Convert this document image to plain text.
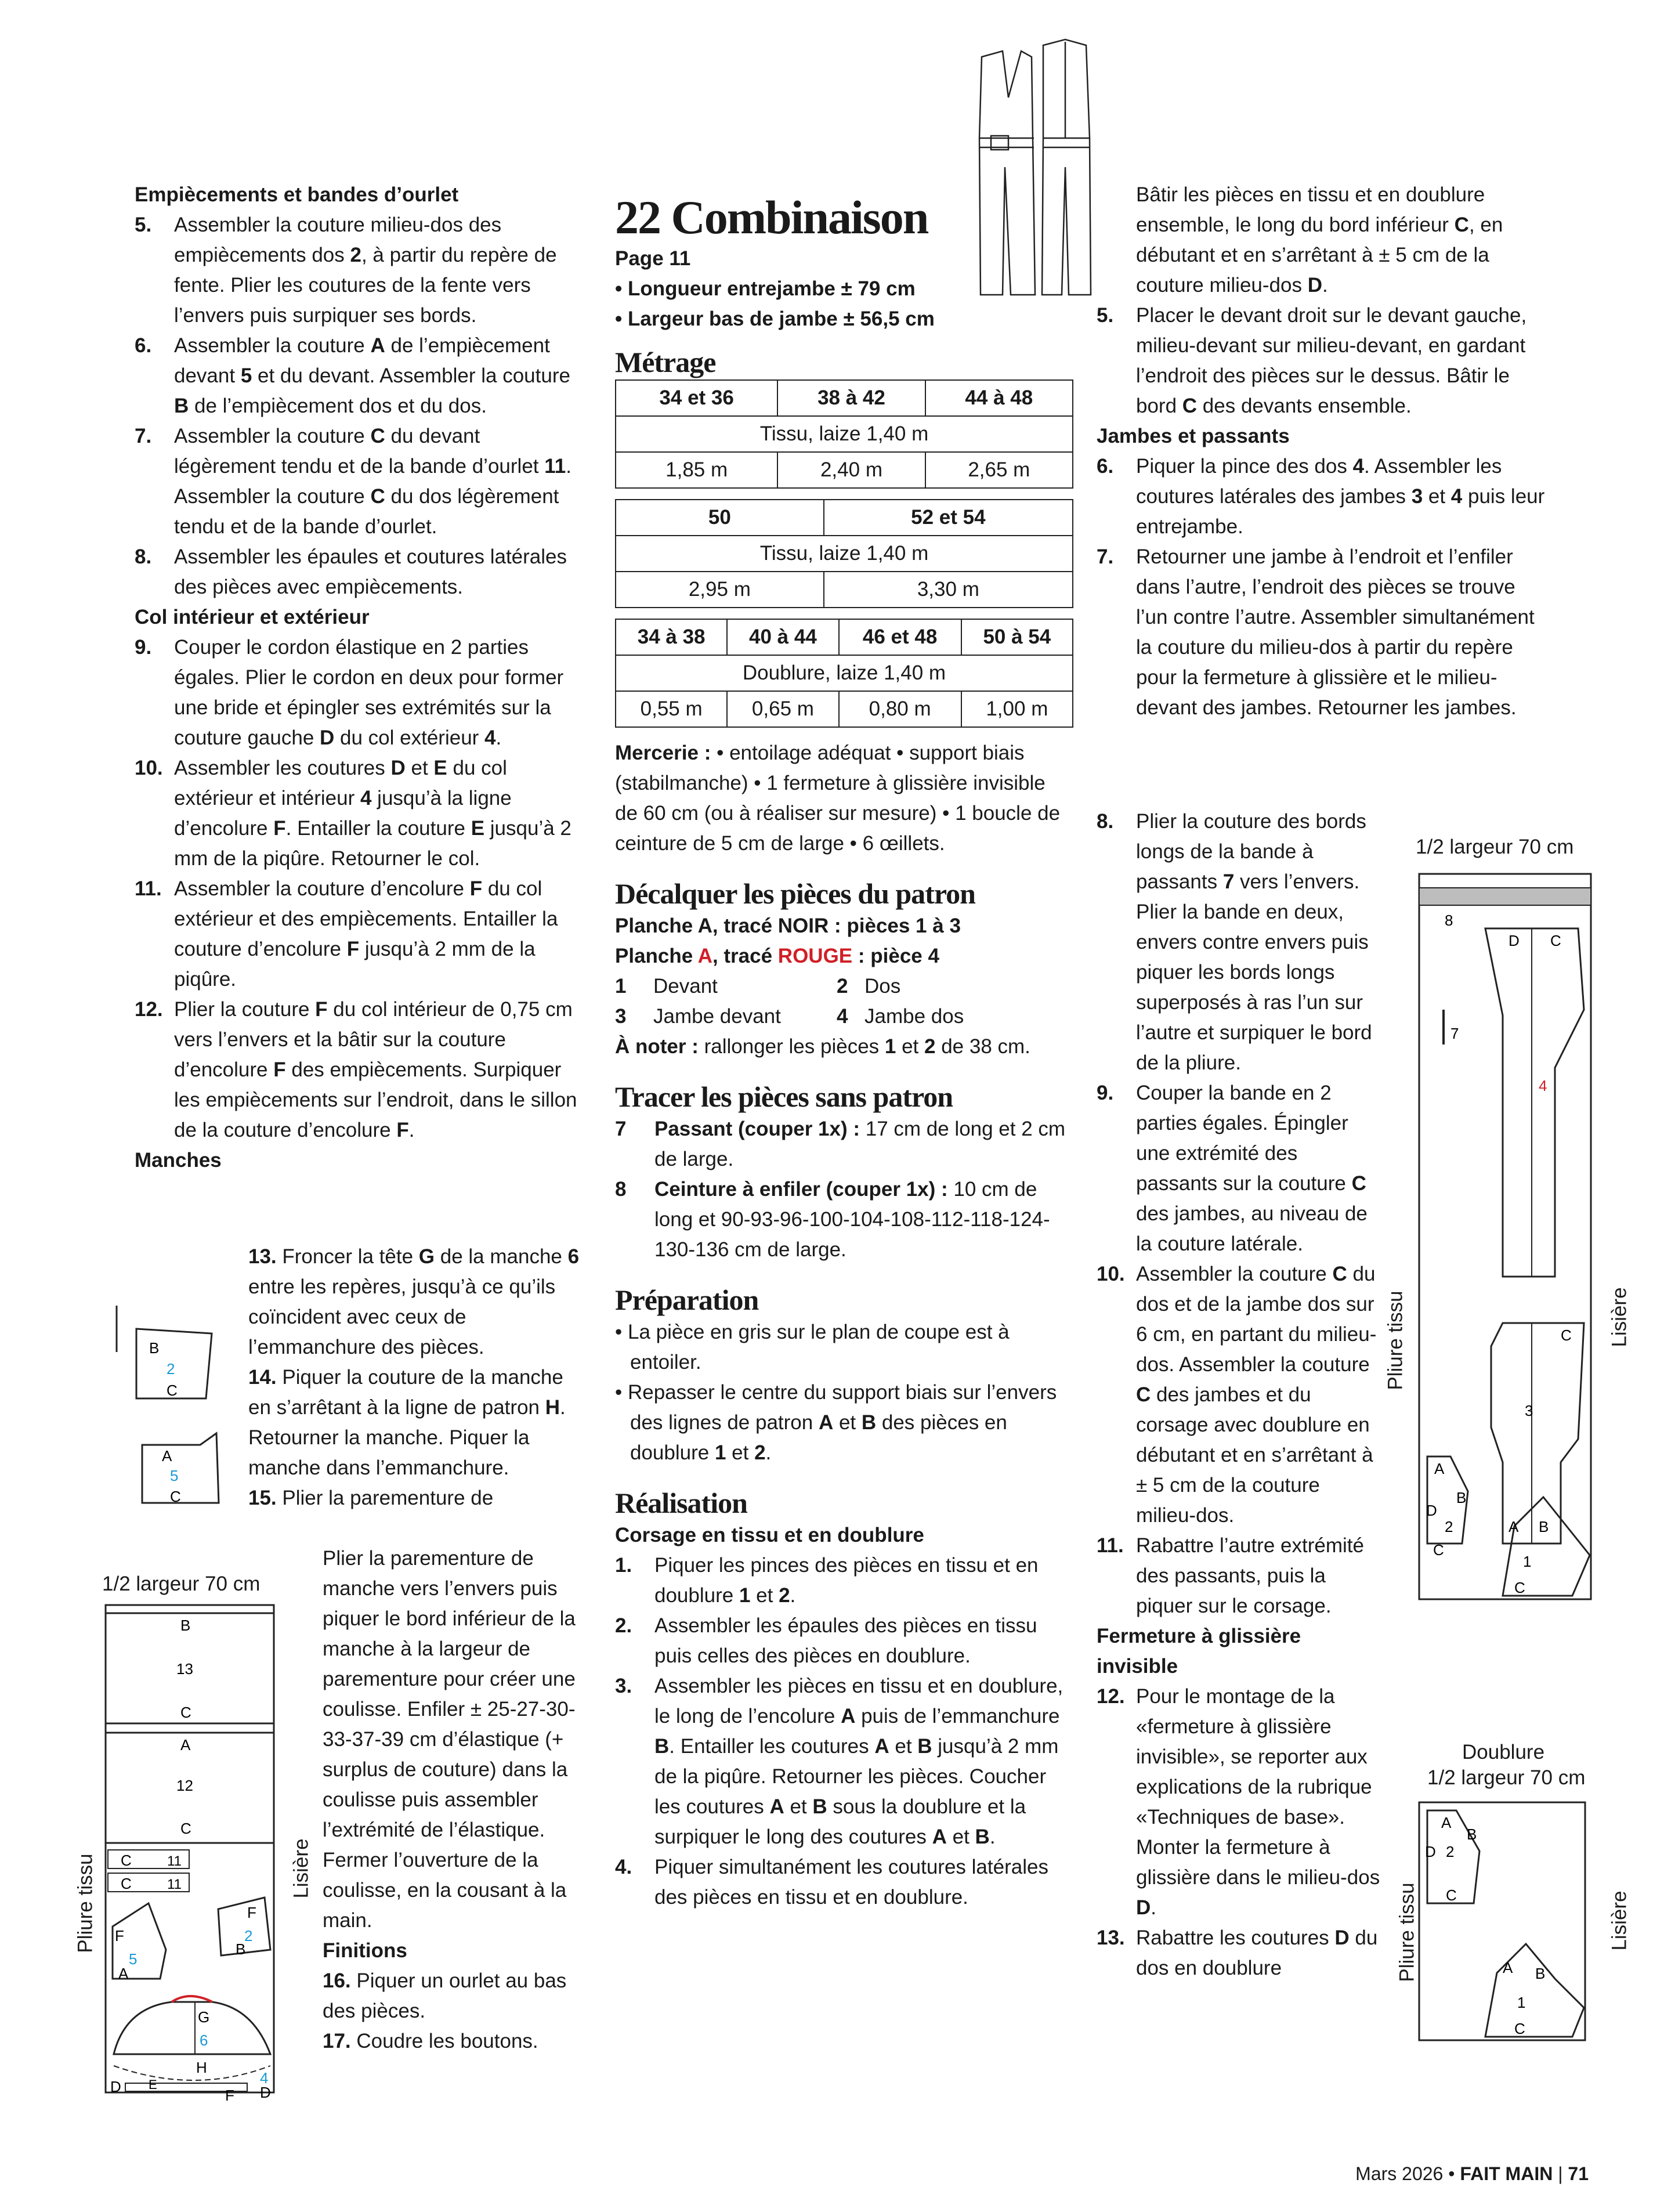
Empiècements et bandes d’ourlet

5. Assembler la couture milieu-dos des empiècements dos 2, à partir du repère de fente. Plier les coutures de la fente vers l’envers puis surpiquer ses bords.

6. Assembler la couture A de l’empiècement devant 5 et du devant. Assembler la couture B de l’empiècement dos et du dos.

7. Assembler la couture C du devant légèrement tendu et de la bande d’ourlet 11. Assembler la couture C du dos légèrement tendu et de la bande d’ourlet.

8. Assembler les épaules et coutures latérales des pièces avec empiècements.

Col intérieur et extérieur

9. Couper le cordon élastique en 2 parties égales. Plier le cordon en deux pour former une bride et épingler ses extrémités sur la couture gauche D du col extérieur 4.

10. Assembler les coutures D et E du col extérieur et intérieur 4 jusqu’à la ligne d’encolure F. Entailler la couture E jusqu’à 2 mm de la piqûre. Retourner le col.

11. Assembler la couture d’encolure F du col extérieur et des empiècements. Entailler la couture d’encolure F jusqu’à 2 mm de la piqûre.

12. Plier la couture F du col intérieur de 0,75 cm vers l’envers et la bâtir sur la couture d’encolure F des empiècements. Surpiquer les empiècements sur l’endroit, dans le sillon de la couture d’encolure F.

Manches

13. Froncer la tête G de la manche 6 entre les repères, jusqu’à ce qu’ils coïncident avec ceux de l’emmanchure des pièces.

14. Piquer la couture de la manche en s’arrêtant à la ligne de patron H. Retourner la manche. Piquer la manche dans l’emmanchure.

15. Plier la parementure de

Plier la parementure de manche vers l’envers puis piquer le bord inférieur de la manche à la largeur de parementure pour créer une coulisse. Enfiler ± 25-27-30-33-37-39 cm d’élastique (+ surplus de couture) dans la coulisse puis assembler l’extrémité de l’élastique. Fermer l’ouverture de la coulisse, en la cousant à la main.

Finitions

16. Piquer un ourlet au bas des pièces.

17. Coudre les boutons.

B
2
C
A
5
C
1/2 largeur 70 cm
Pliure tissu	Lisière
B
13
C
A
12
C
C	11
C	11
F
5
A
F
2
B
G
6
H
D E
F
4
D
22 Combinaison

Page 11

• Longueur entrejambe ± 79 cm

• Largeur bas de jambe ± 56,5 cm

Métrage
34 et 36	38 à 42	44 à 48
Tissu, laize 1,40 m		
1,85 m	2,40 m	2,65 m
50	52 et 54
Tissu, laize 1,40 m	
2,95 m	3,30 m
34 à 38	40 à 44	46 et 48	50 à 54
Doublure, laize 1,40 m			
0,55 m	0,65 m	0,80 m	1,00 m

Mercerie : • entoilage adéquat • support biais (stabilmanche) • 1 fermeture à glissière invisible de 60 cm (ou à réaliser sur mesure) • 1 boucle de ceinture de 5 cm de large • 6 œillets.

Décalquer les pièces du patron

Planche A, tracé NOIR : pièces 1 à 3

Planche A, tracé ROUGE : pièce 4

1	Devant	2 Dos
3	Jambe devant	4 Jambe dos

À noter : rallonger les pièces 1 et 2 de 38 cm.

Tracer les pièces sans patron

7 Passant (couper 1x) : 17 cm de long et 2 cm de large.

8 Ceinture à enfiler (couper 1x) : 10 cm de long et 90-93-96-100-104-108-112-118-124-130-136 cm de large.

Préparation

• La pièce en gris sur le plan de coupe est à entoiler.

• Repasser le centre du support biais sur l’envers des lignes de patron A et B des pièces en doublure 1 et 2.

Réalisation
Corsage en tissu et en doublure

1. Piquer les pinces des pièces en tissu et en doublure 1 et 2.

2. Assembler les épaules des pièces en tissu puis celles des pièces en doublure.

3. Assembler les pièces en tissu et en doublure, le long de l’encolure A puis de l’emmanchure B. Entailler les coutures A et B jusqu’à 2 mm de la piqûre. Retourner les pièces. Coucher les coutures A et B sous la doublure et la surpiquer le long des coutures A et B.

4. Piquer simultanément les coutures latérales des pièces en tissu et en doublure.

Bâtir les pièces en tissu et en doublure ensemble, le long du bord inférieur C, en débutant et en s’arrêtant à ± 5 cm de la couture milieu-dos D.

5. Placer le devant droit sur le devant gauche, milieu-devant sur milieu-devant, en gardant l’endroit des pièces sur le dessus. Bâtir le bord C des devants ensemble.

Jambes et passants

6. Piquer la pince des dos 4. Assembler les coutures latérales des jambes 3 et 4 puis leur entrejambe.

7. Retourner une jambe à l’endroit et l’enfiler dans l’autre, l’endroit des pièces se trouve l’un contre l’autre. Assembler simultanément la couture du milieu-dos à partir du repère pour la fermeture à glissière et le milieu-devant des jambes. Retourner les jambes.

8. Plier la couture des bords longs de la bande à passants 7 vers l’envers. Plier la bande en deux, envers contre envers puis piquer les bords longs superposés à ras l’un sur l’autre et surpiquer le bord de la pliure.

9. Couper la bande en 2 parties égales. Épingler une extrémité des passants sur la couture C des jambes, au niveau de la couture latérale.

10. Assembler la couture C du dos et de la jambe dos sur 6 cm, en partant du milieu-dos. Assembler la couture C des jambes et du corsage avec doublure en débutant et en s’arrêtant à ± 5 cm de la couture milieu-dos.

11. Rabattre l’autre extrémité des passants, puis la piquer sur le corsage.

Fermeture à glissière invisible

12. Pour le montage de la «fermeture à glissière invisible», se reporter aux explications de la rubrique «Techniques de base». Monter la fermeture à glissière dans le milieu-dos D.

13. Rabattre les coutures D du dos en doublure

1/2 largeur 70 cm
Pliure tissu	Lisière
8
D C
4
7
C
3
A
B
D
2
C
A B
1
C
Doublure
1/2 largeur 70 cm
Pliure tissu	Lisière
A
B
D 2
C
A B
1
C
Mars 2026 • FAIT MAIN | 71
